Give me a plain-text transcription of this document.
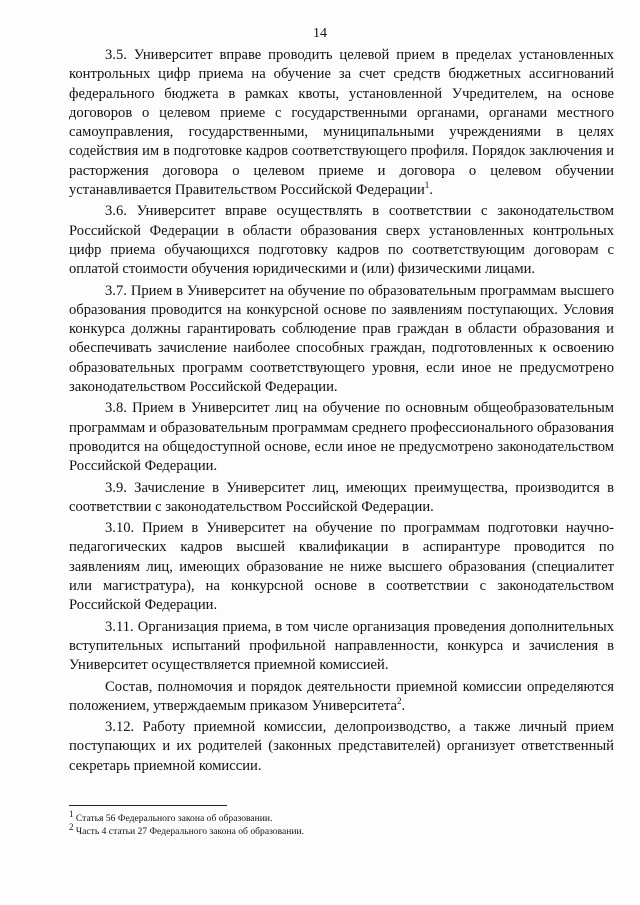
14

3.5. Университет вправе проводить целевой прием в пределах установленных контрольных цифр приема на обучение за счет средств бюджетных ассигнований федерального бюджета в рамках квоты, установленной Учредителем, на основе договоров о целевом приеме с государственными органами, органами местного самоуправления, государственными, муниципальными учреждениями в целях содействия им в подготовке кадров соответствующего профиля. Порядок заключения и расторжения договора о целевом приеме и договора о целевом обучении устанавливается Правительством Российской Федерации$^1$.

3.6. Университет вправе осуществлять в соответствии с законодательством Российской Федерации в области образования сверх установленных контрольных цифр приема обучающихся подготовку кадров по соответствующим договорам с оплатой стоимости обучения юридическими и (или) физическими лицами.

3.7. Прием в Университет на обучение по образовательным программам высшего образования проводится на конкурсной основе по заявлениям поступающих. Условия конкурса должны гарантировать соблюдение прав граждан в области образования и обеспечивать зачисление наиболее способных граждан, подготовленных к освоению образовательных программ соответствующего уровня, если иное не предусмотрено законодательством Российской Федерации.

3.8. Прием в Университет лиц на обучение по основным общеобразовательным программам и образовательным программам среднего профессионального образования проводится на общедоступной основе, если иное не предусмотрено законодательством Российской Федерации.

3.9. Зачисление в Университет лиц, имеющих преимущества, производится в соответствии с законодательством Российской Федерации.

3.10. Прием в Университет на обучение по программам подготовки научно-педагогических кадров высшей квалификации в аспирантуре проводится по заявлениям лиц, имеющих образование не ниже высшего образования (специалитет или магистратура), на конкурсной основе в соответствии с законодательством Российской Федерации.

3.11. Организация приема, в том числе организация проведения дополнительных вступительных испытаний профильной направленности, конкурса и зачисления в Университет осуществляется приемной комиссией.

Состав, полномочия и порядок деятельности приемной комиссии определяются положением, утверждаемым приказом Университета$^2$.

3.12. Работу приемной комиссии, делопроизводство, а также личный прием поступающих и их родителей (законных представителей) организует ответственный секретарь приемной комиссии.

$^1$ Статья 56 Федерального закона об образовании.

$^2$ Часть 4 статьи 27 Федерального закона об образовании.
